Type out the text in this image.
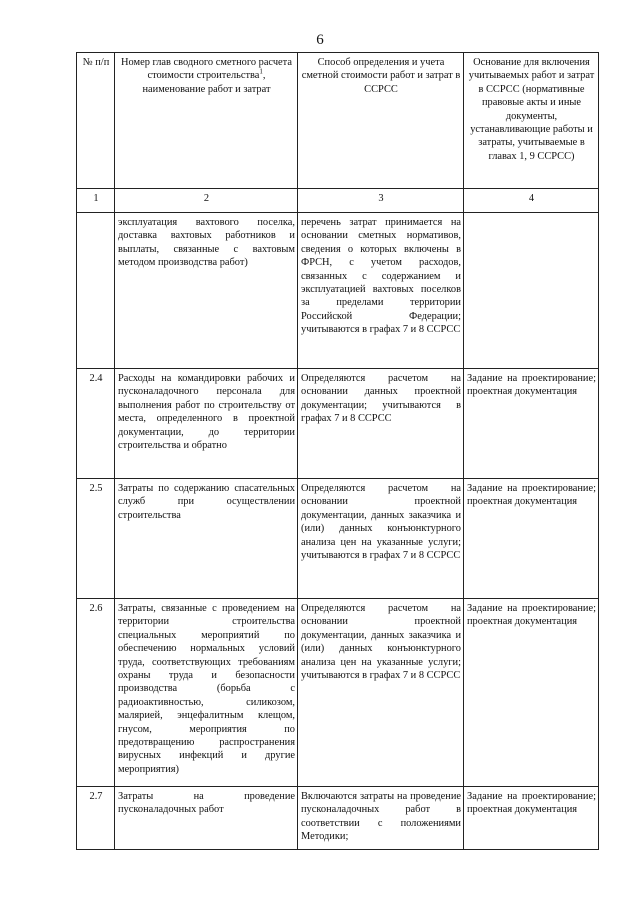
6
№ п/п	Номер глав сводного сметного расчета стоимости строительства$^1$, наименование работ и затрат	Способ определения и учета сметной стоимости работ и затрат в ССРСС	Основание для включения учитываемых работ и затрат в ССРСС (нормативные правовые акты и иные документы, устанавливающие работы и затраты, учитываемые в главах 1, 9 ССРСС)
1	2	3	4
	эксплуатация вахтового поселка, доставка вахтовых работников и выплаты, связанные с вахтовым методом производства работ)	перечень затрат принимается на основании сметных нормативов, сведения о которых включены в ФРСН, с учетом расходов, связанных с содержанием и эксплуатацией вахтовых поселков за пределами территории Российской Федерации; учитываются в графах 7 и 8 ССРСС	
2.4	Расходы на командировки рабочих и пусконаладочного персонала для выполнения работ по строительству от места, определенного в проектной документации, до территории строительства и обратно	Определяются расчетом на основании данных проектной документации; учитываются в графах 7 и 8 ССРСС	Задание на проектирование; проектная документация
2.5	Затраты по содержанию спасательных служб при осуществлении строительства	Определяются расчетом на основании проектной документации, данных заказчика и (или) данных конъюнктурного анализа цен на указанные услуги; учитываются в графах 7 и 8 ССРСС	Задание на проектирование; проектная документация
2.6	Затраты, связанные с проведением на территории строительства специальных мероприятий по обеспечению нормальных условий труда, соответствующих требованиям охраны труда и безопасности производства (борьба с радиоактивностью, силикозом, малярией, энцефалитным клещом, гнусом, мероприятия по предотвращению распространения вирусных инфекций и другие мероприятия)	Определяются расчетом на основании проектной документации, данных заказчика и (или) данных конъюнктурного анализа цен на указанные услуги; учитываются в графах 7 и 8 ССРСС	Задание на проектирование; проектная документация
2.7	Затраты на проведение пусконаладочных работ	Включаются затраты на проведение пусконаладочных работ в соответствии с положениями Методики;	Задание на проектирование; проектная документация
